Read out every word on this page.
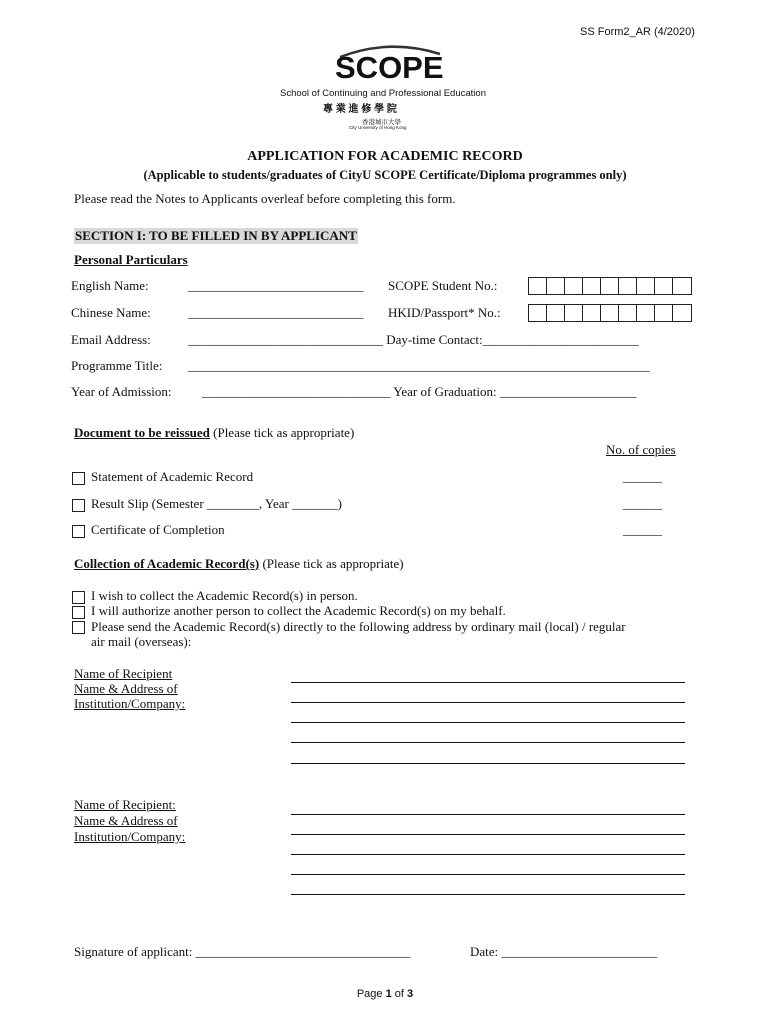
SS Form2_AR (4/2020)
SCOPE
School of Continuing and Professional Education
專 業 進 修 學 院
香港城市大學
City University of Hong Kong
APPLICATION FOR ACADEMIC RECORD
(Applicable to students/graduates of CityU SCOPE Certificate/Diploma programmes only)
Please read the Notes to Applicants overleaf before completing this form.
SECTION I: TO BE FILLED IN BY APPLICANT
Personal Particulars
English Name:	___________________________ SCOPE Student No.:
Chinese Name:	___________________________ HKID/Passport* No.:
Email Address:	______________________________ Day-time Contact:________________________
Programme Title: _______________________________________________________________________
Year of Admission: _____________________________ Year of Graduation: _____________________
Document to be reissued (Please tick as appropriate)
No. of copies
Statement of Academic Record	______
Result Slip (Semester ________, Year _______)	______
Certificate of Completion	______
Collection of Academic Record(s) (Please tick as appropriate)
I wish to collect the Academic Record(s) in person.
I will authorize another person to collect the Academic Record(s) on my behalf.
Please send the Academic Record(s) directly to the following address by ordinary mail (local) / regular
air mail (overseas):
Name of Recipient
Name & Address of
Institution/Company:
Name of Recipient:
Name & Address of
Institution/Company:
Signature of applicant: _________________________________	Date: ________________________
Page 1 of 3
